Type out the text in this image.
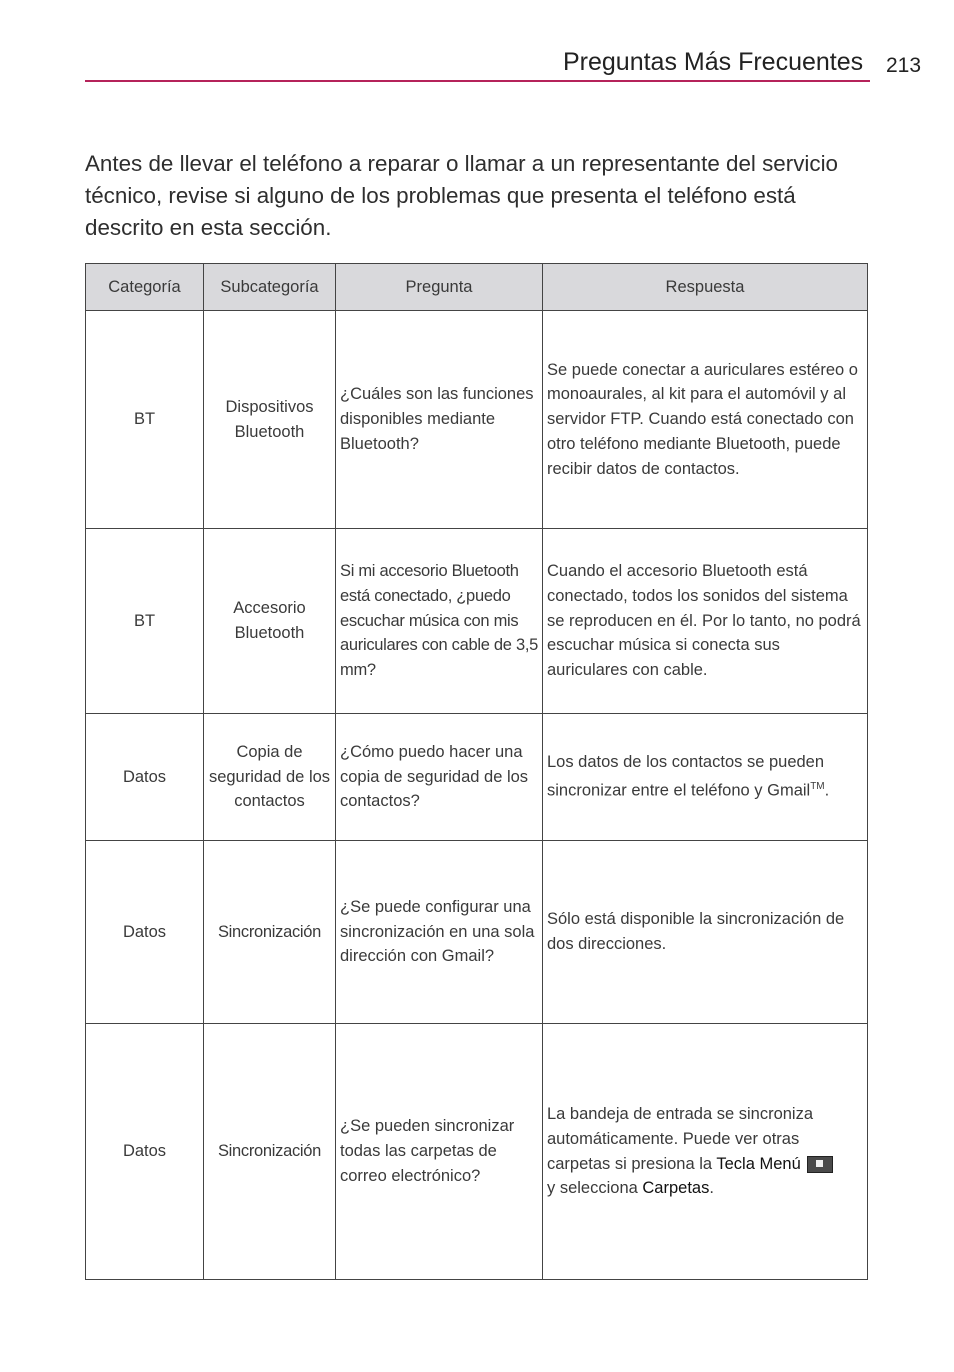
Preguntas Más Frecuentes 213

Antes de llevar el teléfono a reparar o llamar a un representante del servicio técnico, revise si alguno de los problemas que presenta el teléfono está descrito en esta sección.

Categoría	Subcategoría	Pregunta	Respuesta
BT	Dispositivos Bluetooth	¿Cuáles son las funciones disponibles mediante Bluetooth?	Se puede conectar a auriculares estéreo o monoaurales, al kit para el automóvil y al servidor FTP. Cuando está conectado con otro teléfono mediante Bluetooth, puede recibir datos de contactos.
BT	Accesorio Bluetooth	Si mi accesorio Bluetooth está conectado, ¿puedo escuchar música con mis auriculares con cable de 3,5 mm?	Cuando el accesorio Bluetooth está conectado, todos los sonidos del sistema se reproducen en él. Por lo tanto, no podrá escuchar música si conecta sus auriculares con cable.
Datos	Copia de seguridad de los contactos	¿Cómo puedo hacer una copia de seguridad de los contactos?	Los datos de los contactos se pueden sincronizar entre el teléfono y Gmail™.
Datos	Sincronización	¿Se puede configurar una sincronización en una sola dirección con Gmail?	Sólo está disponible la sincronización de dos direcciones.
Datos	Sincronización	¿Se pueden sincronizar todas las carpetas de correo electrónico?	La bandeja de entrada se sincroniza automáticamente. Puede ver otras carpetas si presiona la Tecla Menú
y selecciona Carpetas.
